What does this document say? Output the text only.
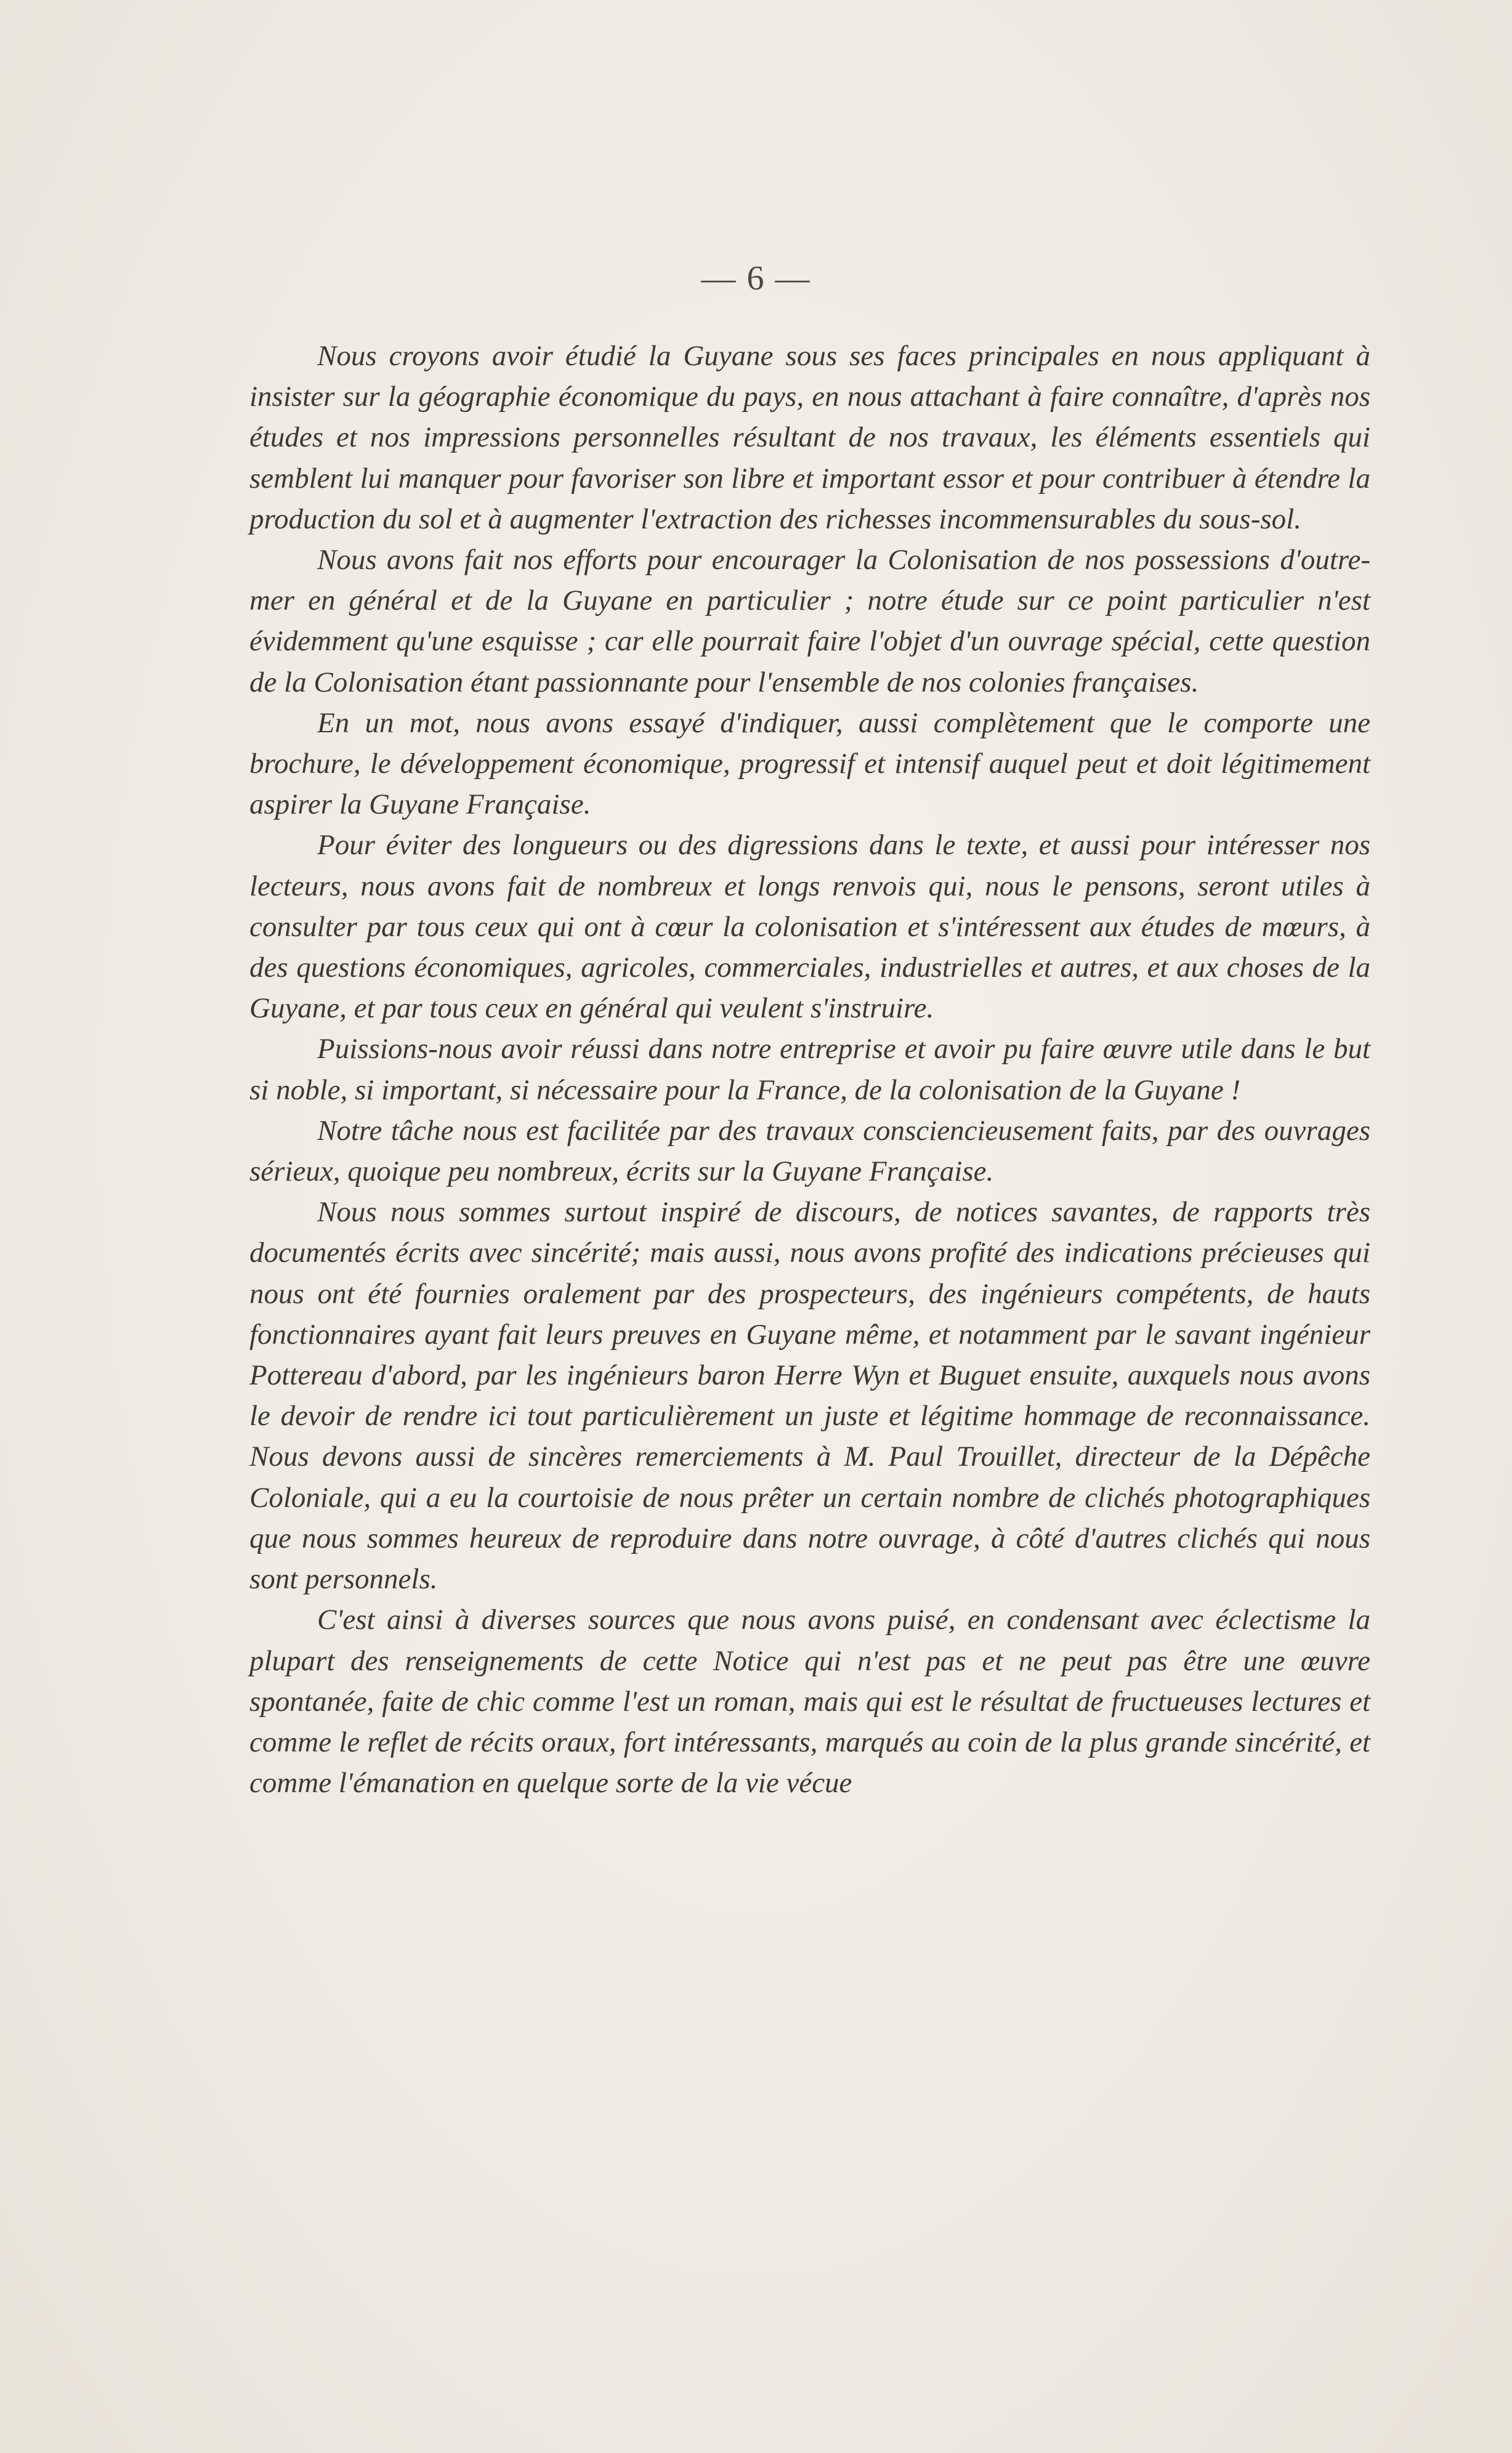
— 6 —

Nous croyons avoir étudié la Guyane sous ses faces principales en nous appliquant à insister sur la géographie économique du pays, en nous attachant à faire connaître, d'après nos études et nos impressions personnelles résultant de nos travaux, les éléments essentiels qui semblent lui manquer pour favoriser son libre et important essor et pour contribuer à étendre la production du sol et à augmenter l'extraction des richesses incommensurables du sous-sol.

Nous avons fait nos efforts pour encourager la Colonisation de nos possessions d'outre-mer en général et de la Guyane en particulier ; notre étude sur ce point particulier n'est évidemment qu'une esquisse ; car elle pourrait faire l'objet d'un ouvrage spécial, cette question de la Colonisation étant passionnante pour l'ensemble de nos colonies françaises.

En un mot, nous avons essayé d'indiquer, aussi complètement que le comporte une brochure, le développement économique, progressif et intensif auquel peut et doit légitimement aspirer la Guyane Française.

Pour éviter des longueurs ou des digressions dans le texte, et aussi pour intéresser nos lecteurs, nous avons fait de nombreux et longs renvois qui, nous le pensons, seront utiles à consulter par tous ceux qui ont à cœur la colonisation et s'intéressent aux études de mœurs, à des questions économiques, agricoles, commerciales, industrielles et autres, et aux choses de la Guyane, et par tous ceux en général qui veulent s'instruire.

Puissions-nous avoir réussi dans notre entreprise et avoir pu faire œuvre utile dans le but si noble, si important, si nécessaire pour la France, de la colonisation de la Guyane !

Notre tâche nous est facilitée par des travaux consciencieusement faits, par des ouvrages sérieux, quoique peu nombreux, écrits sur la Guyane Française.

Nous nous sommes surtout inspiré de discours, de notices savantes, de rapports très documentés écrits avec sincérité; mais aussi, nous avons profité des indications précieuses qui nous ont été fournies oralement par des prospecteurs, des ingénieurs compétents, de hauts fonctionnaires ayant fait leurs preuves en Guyane même, et notamment par le savant ingénieur Pottereau d'abord, par les ingénieurs baron Herre Wyn et Buguet ensuite, auxquels nous avons le devoir de rendre ici tout particulièrement un juste et légitime hommage de reconnaissance. Nous devons aussi de sincères remerciements à M. Paul Trouillet, directeur de la Dépêche Coloniale, qui a eu la courtoisie de nous prêter un certain nombre de clichés photographiques que nous sommes heureux de reproduire dans notre ouvrage, à côté d'autres clichés qui nous sont personnels.

C'est ainsi à diverses sources que nous avons puisé, en condensant avec éclectisme la plupart des renseignements de cette Notice qui n'est pas et ne peut pas être une œuvre spontanée, faite de chic comme l'est un roman, mais qui est le résultat de fructueuses lectures et comme le reflet de récits oraux, fort intéressants, marqués au coin de la plus grande sincérité, et comme l'émanation en quelque sorte de la vie vécue
